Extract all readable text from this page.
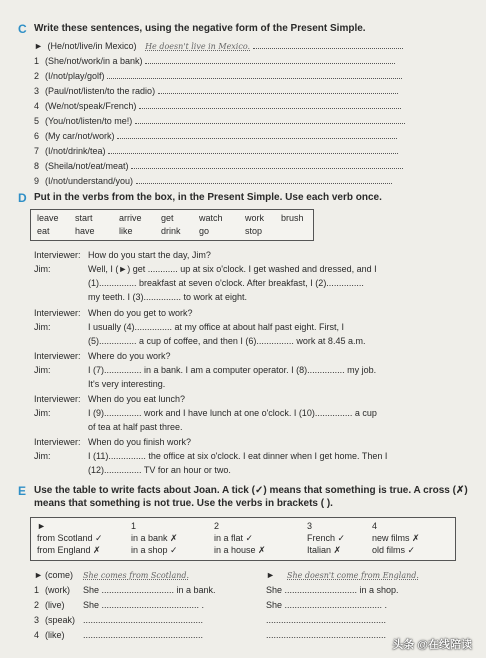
C Write these sentences, using the negative form of the Present Simple.
► (He/not/live/in Mexico) He doesn't live in Mexico.
1 (She/not/work/in a bank)
2 (I/not/play/golf)
3 (Paul/not/listen/to the radio)
4 (We/not/speak/French)
5 (You/not/listen/to me!)
6 (My car/not/work)
7 (I/not/drink/tea)
8 (Sheila/not/eat/meat)
9 (I/not/understand/you)
D Put in the verbs from the box, in the Present Simple. Use each verb once.
leave start	arrive get	watch work brush
eat	have	like	drink go	stop
Interviewer: How do you start the day, Jim?
Jim:	Well, I (►) get ............ up at six o'clock. I get washed and dressed, and I
(1)............... breakfast at seven o'clock. After breakfast, I (2)...............
my teeth. I (3)............... to work at eight.
Interviewer: When do you get to work?
Jim:	I usually (4)............... at my office at about half past eight. First, I
(5)............... a cup of coffee, and then I (6)............... work at 8.45 a.m.
Interviewer: Where do you work?
Jim:	I (7)............... in a bank. I am a computer operator. I (8)............... my job.
It's very interesting.
Interviewer: When do you eat lunch?
Jim:	I (9)............... work and I have lunch at one o'clock. I (10)............... a cup
of tea at half past three.
Interviewer: When do you finish work?
Jim:	I (11)............... the office at six o'clock. I eat dinner when I get home. Then I
(12)............... TV for an hour or two.
E Use the table to write facts about Joan. A tick (✓) means that something is true. A cross (✗) means that something is not true. Use the verbs in brackets ( ).
►	1	2	3	4
from Scotland ✓	in a bank ✗	in a flat ✓	French ✓	new films ✗
from England ✗	in a shop ✓	in a house ✗	Italian ✗	old films ✓
► (come) She comes from Scotland.
1 (work) She ............................. in a bank.
2 (live) She ....................................... .
3 (speak) ................................................
4 (like) ................................................
► She doesn't come from England.
She ............................. in a shop.
She ....................................... .
................................................
................................................
头条 @在线陪读
